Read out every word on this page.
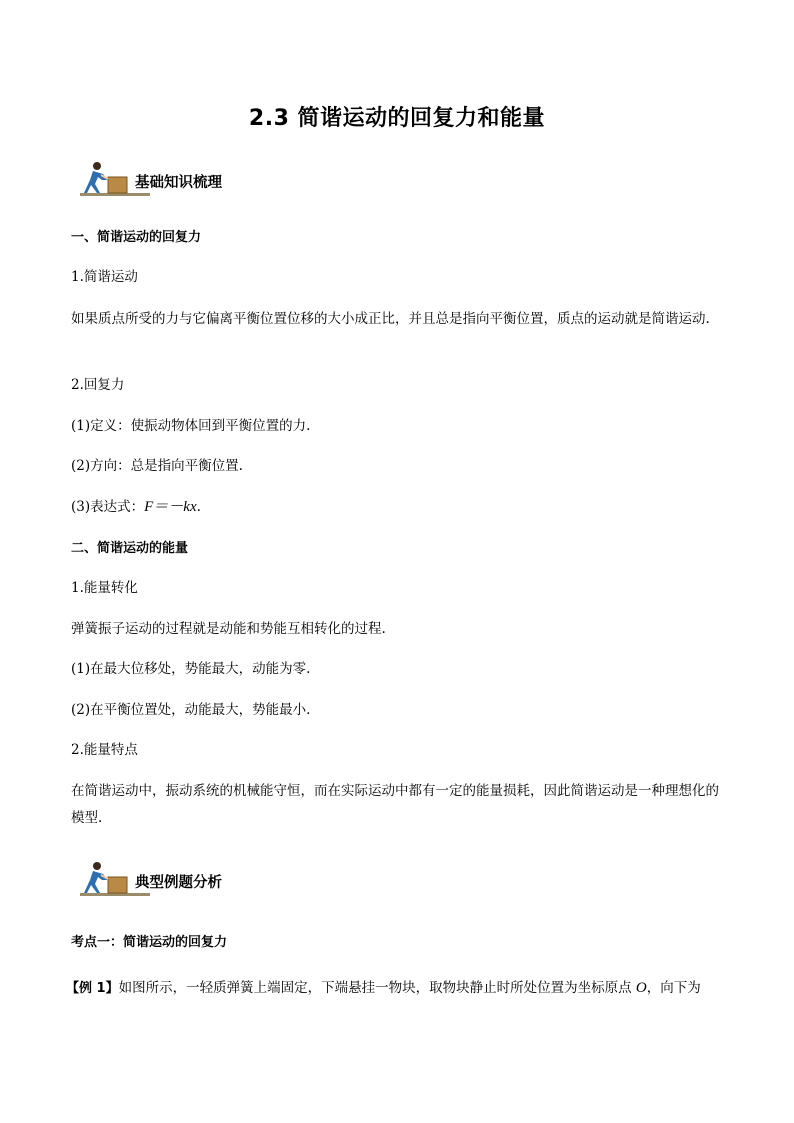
2.3 简谐运动的回复力和能量
基础知识梳理
一、简谐运动的回复力
1.简谐运动
如果质点所受的力与它偏离平衡位置位移的大小成正比，并且总是指向平衡位置，质点的运动就是简谐运动.
2.回复力
(1)定义：使振动物体回到平衡位置的力.
(2)方向：总是指向平衡位置.
(3)表达式：F＝－kx.
二、简谐运动的能量
1.能量转化
弹簧振子运动的过程就是动能和势能互相转化的过程.
(1)在最大位移处，势能最大，动能为零.
(2)在平衡位置处，动能最大，势能最小.
2.能量特点
在简谐运动中，振动系统的机械能守恒，而在实际运动中都有一定的能量损耗，因此简谐运动是一种理想化的模型.
典型例题分析
考点一：简谐运动的回复力
【例 1】如图所示，一轻质弹簧上端固定，下端悬挂一物块，取物块静止时所处位置为坐标原点 O，向下为
